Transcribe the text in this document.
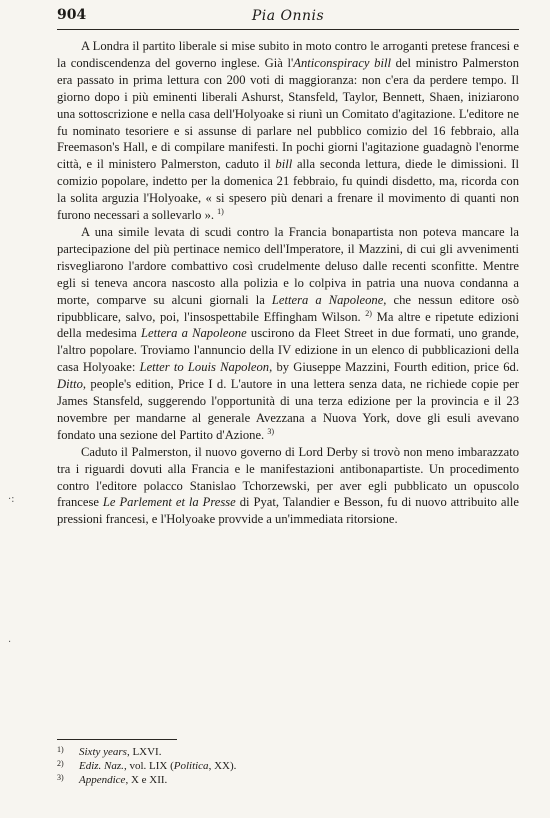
904	Pia Onnis

A Londra il partito liberale si mise subito in moto contro le arroganti pretese francesi e la condiscendenza del governo inglese. Già l'Anticonspiracy bill del ministro Palmerston era passato in prima lettura con 200 voti di maggioranza: non c'era da perdere tempo. Il giorno dopo i più eminenti liberali Ashurst, Stansfeld, Taylor, Bennett, Shaen, iniziarono una sottoscrizione e nella casa dell'Holyoake si riunì un Comitato d'agitazione. L'editore ne fu nominato tesoriere e si assunse di parlare nel pubblico comizio del 16 febbraio, alla Freemason's Hall, e di compilare manifesti. In pochi giorni l'agitazione guadagnò l'enorme città, e il ministero Palmerston, caduto il bill alla seconda lettura, diede le dimissioni. Il comizio popolare, indetto per la domenica 21 febbraio, fu quindi disdetto, ma, ricorda con la solita arguzia l'Holyoake, « si spesero più denari a frenare il movimento di quanti non furono necessari a sollevarlo ». $^{1)}$

A una simile levata di scudi contro la Francia bonapartista non poteva mancare la partecipazione del più pertinace nemico dell'Imperatore, il Mazzini, di cui gli avvenimenti risvegliarono l'ardore combattivo così crudelmente deluso dalle recenti sconfitte. Mentre egli si teneva ancora nascosto alla polizia e lo colpiva in patria una nuova condanna a morte, comparve su alcuni giornali la Lettera a Napoleone, che nessun editore osò ripubblicare, salvo, poi, l'insospettabile Effingham Wilson. $^{2)}$ Ma altre e ripetute edizioni della medesima Lettera a Napoleone uscirono da Fleet Street in due formati, uno grande, l'altro popolare. Troviamo l'annuncio della IV edizione in un elenco di pubblicazioni della casa Holyoake: Letter to Louis Napoleon, by Giuseppe Mazzini, Fourth edition, price 6d. Ditto, people's edition, Price I d. L'autore in una lettera senza data, ne richiede copie per James Stansfeld, suggerendo l'opportunità di una terza edizione per la provincia e il 23 novembre per mandarne al generale Avezzana a Nuova York, dove gli esuli avevano fondato una sezione del Partito d'Azione. $^{3)}$

Caduto il Palmerston, il nuovo governo di Lord Derby si trovò non meno imbarazzato tra i riguardi dovuti alla Francia e le manifestazioni antibonapartiste. Un procedimento contro l'editore polacco Stanislao Tchorzewski, per aver egli pubblicato un opuscolo francese Le Parlement et la Presse di Pyat, Talandier e Besson, fu di nuovo attribuito alle pressioni francesi, e l'Holyoake provvide a un'immediata ritorsione.

·:
·
1) Sixty years, LXVI.
2) Ediz. Naz., vol. LIX (Politica, XX).
3) Appendice, X e XII.
